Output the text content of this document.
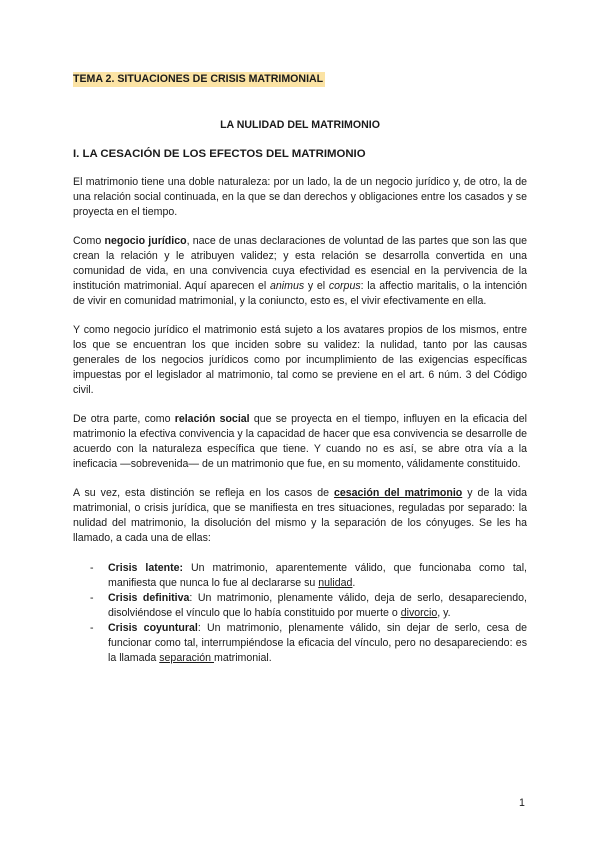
TEMA 2. SITUACIONES DE CRISIS MATRIMONIAL
LA NULIDAD DEL MATRIMONIO
I. LA CESACIÓN DE LOS EFECTOS DEL MATRIMONIO

El matrimonio tiene una doble naturaleza: por un lado, la de un negocio jurídico y, de otro, la de una relación social continuada, en la que se dan derechos y obligaciones entre los casados y se proyecta en el tiempo.

Como negocio jurídico, nace de unas declaraciones de voluntad de las partes que son las que crean la relación y le atribuyen validez; y esta relación se desarrolla convertida en una comunidad de vida, en una convivencia cuya efectividad es esencial en la pervivencia de la institución matrimonial. Aquí aparecen el animus y el corpus: la affectio maritalis, o la intención de vivir en comunidad matrimonial, y la coniuncto, esto es, el vivir efectivamente en ella.

Y como negocio jurídico el matrimonio está sujeto a los avatares propios de los mismos, entre los que se encuentran los que inciden sobre su validez: la nulidad, tanto por las causas generales de los negocios jurídicos como por incumplimiento de las exigencias específicas impuestas por el legislador al matrimonio, tal como se previene en el art. 6 núm. 3 del Código civil.

De otra parte, como relación social que se proyecta en el tiempo, influyen en la eficacia del matrimonio la efectiva convivencia y la capacidad de hacer que esa convivencia se desarrolle de acuerdo con la naturaleza específica que tiene. Y cuando no es así, se abre otra vía a la ineficacia —sobrevenida— de un matrimonio que fue, en su momento, válidamente constituido.

A su vez, esta distinción se refleja en los casos de cesación del matrimonio y de la vida matrimonial, o crisis jurídica, que se manifiesta en tres situaciones, reguladas por separado: la nulidad del matrimonio, la disolución del mismo y la separación de los cónyuges. Se les ha llamado, a cada una de ellas:

- Crisis latente: Un matrimonio, aparentemente válido, que funcionaba como tal, manifiesta que nunca lo fue al declararse su nulidad.
- Crisis definitiva: Un matrimonio, plenamente válido, deja de serlo, desapareciendo, disolviéndose el vínculo que lo había constituido por muerte o divorcio, y.
- Crisis coyuntural: Un matrimonio, plenamente válido, sin dejar de serlo, cesa de funcionar como tal, interrumpiéndose la eficacia del vínculo, pero no desapareciendo: es la llamada separación matrimonial.
1
